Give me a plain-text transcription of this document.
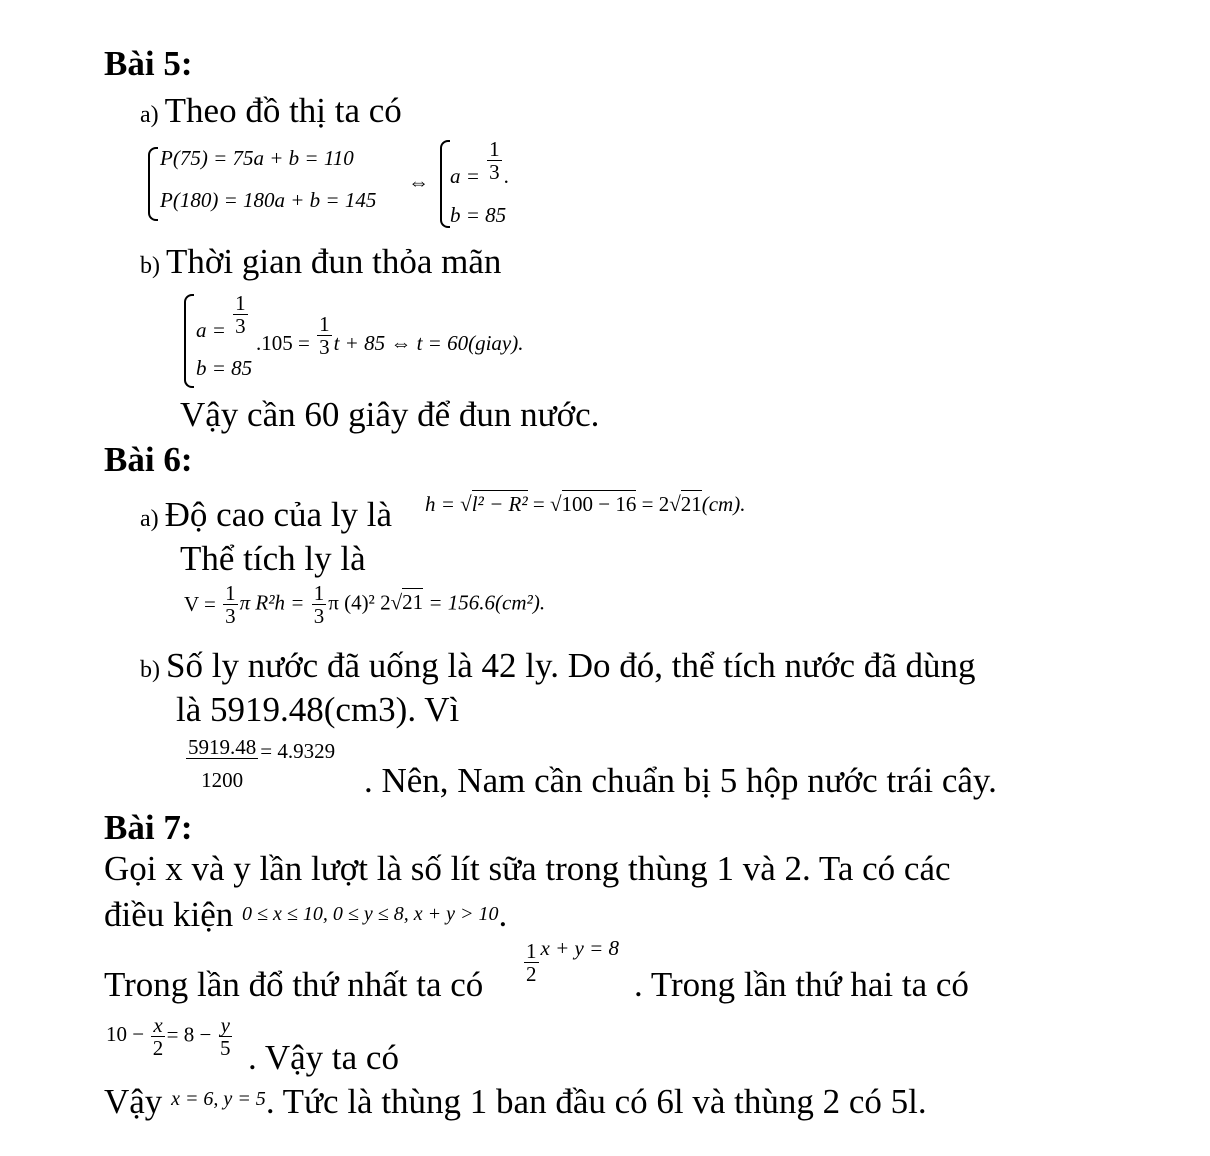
Bài 5:
a) Theo đồ thị ta có
P(75) = 75a + b = 110
P(180) = 180a + b = 145
⇔ $a = \frac{1}{3}$ .
b = 85
b) Thời gian đun thỏa mãn
$a = \frac{1}{3}$
b = 85
$.105 = \frac{1}{3}$ t + 85 ⇔ t = 60(giay).
Vậy cần 60 giây để đun nước.
Bài 6:
a) Độ cao của ly là h = √l² − R² = √100 − 16 = 2√21(cm).
Thể tích ly là
$V = \frac{1}{3}$ π $R^2h = \frac{1}{3}$ π (4)² 2√21 = 156.6(cm²).
b) Số ly nước đã uống là 42 ly. Do đó, thể tích nước đã dùng
là 5919.48(cm3). Vì
$\frac{5919.48}{1200} = 4.9329$
. Nên, Nam cần chuẩn bị 5 hộp nước trái cây.
Bài 7:
Gọi x và y lần lượt là số lít sữa trong thùng 1 và 2. Ta có các
điều kiện 0 ≤ x ≤ 10, 0 ≤ y ≤ 8, x + y > 10.
Trong lần đổ thứ nhất ta có $\frac{1}{2}$ x + y = 8
. Trong lần thứ hai ta có
$10 - \frac{x}{2} = 8 - \frac{y}{5}$ . Vậy ta có
Vậy $^{x = 6, y = 5}$. Tức là thùng 1 ban đầu có 6l và thùng 2 có 5l.
